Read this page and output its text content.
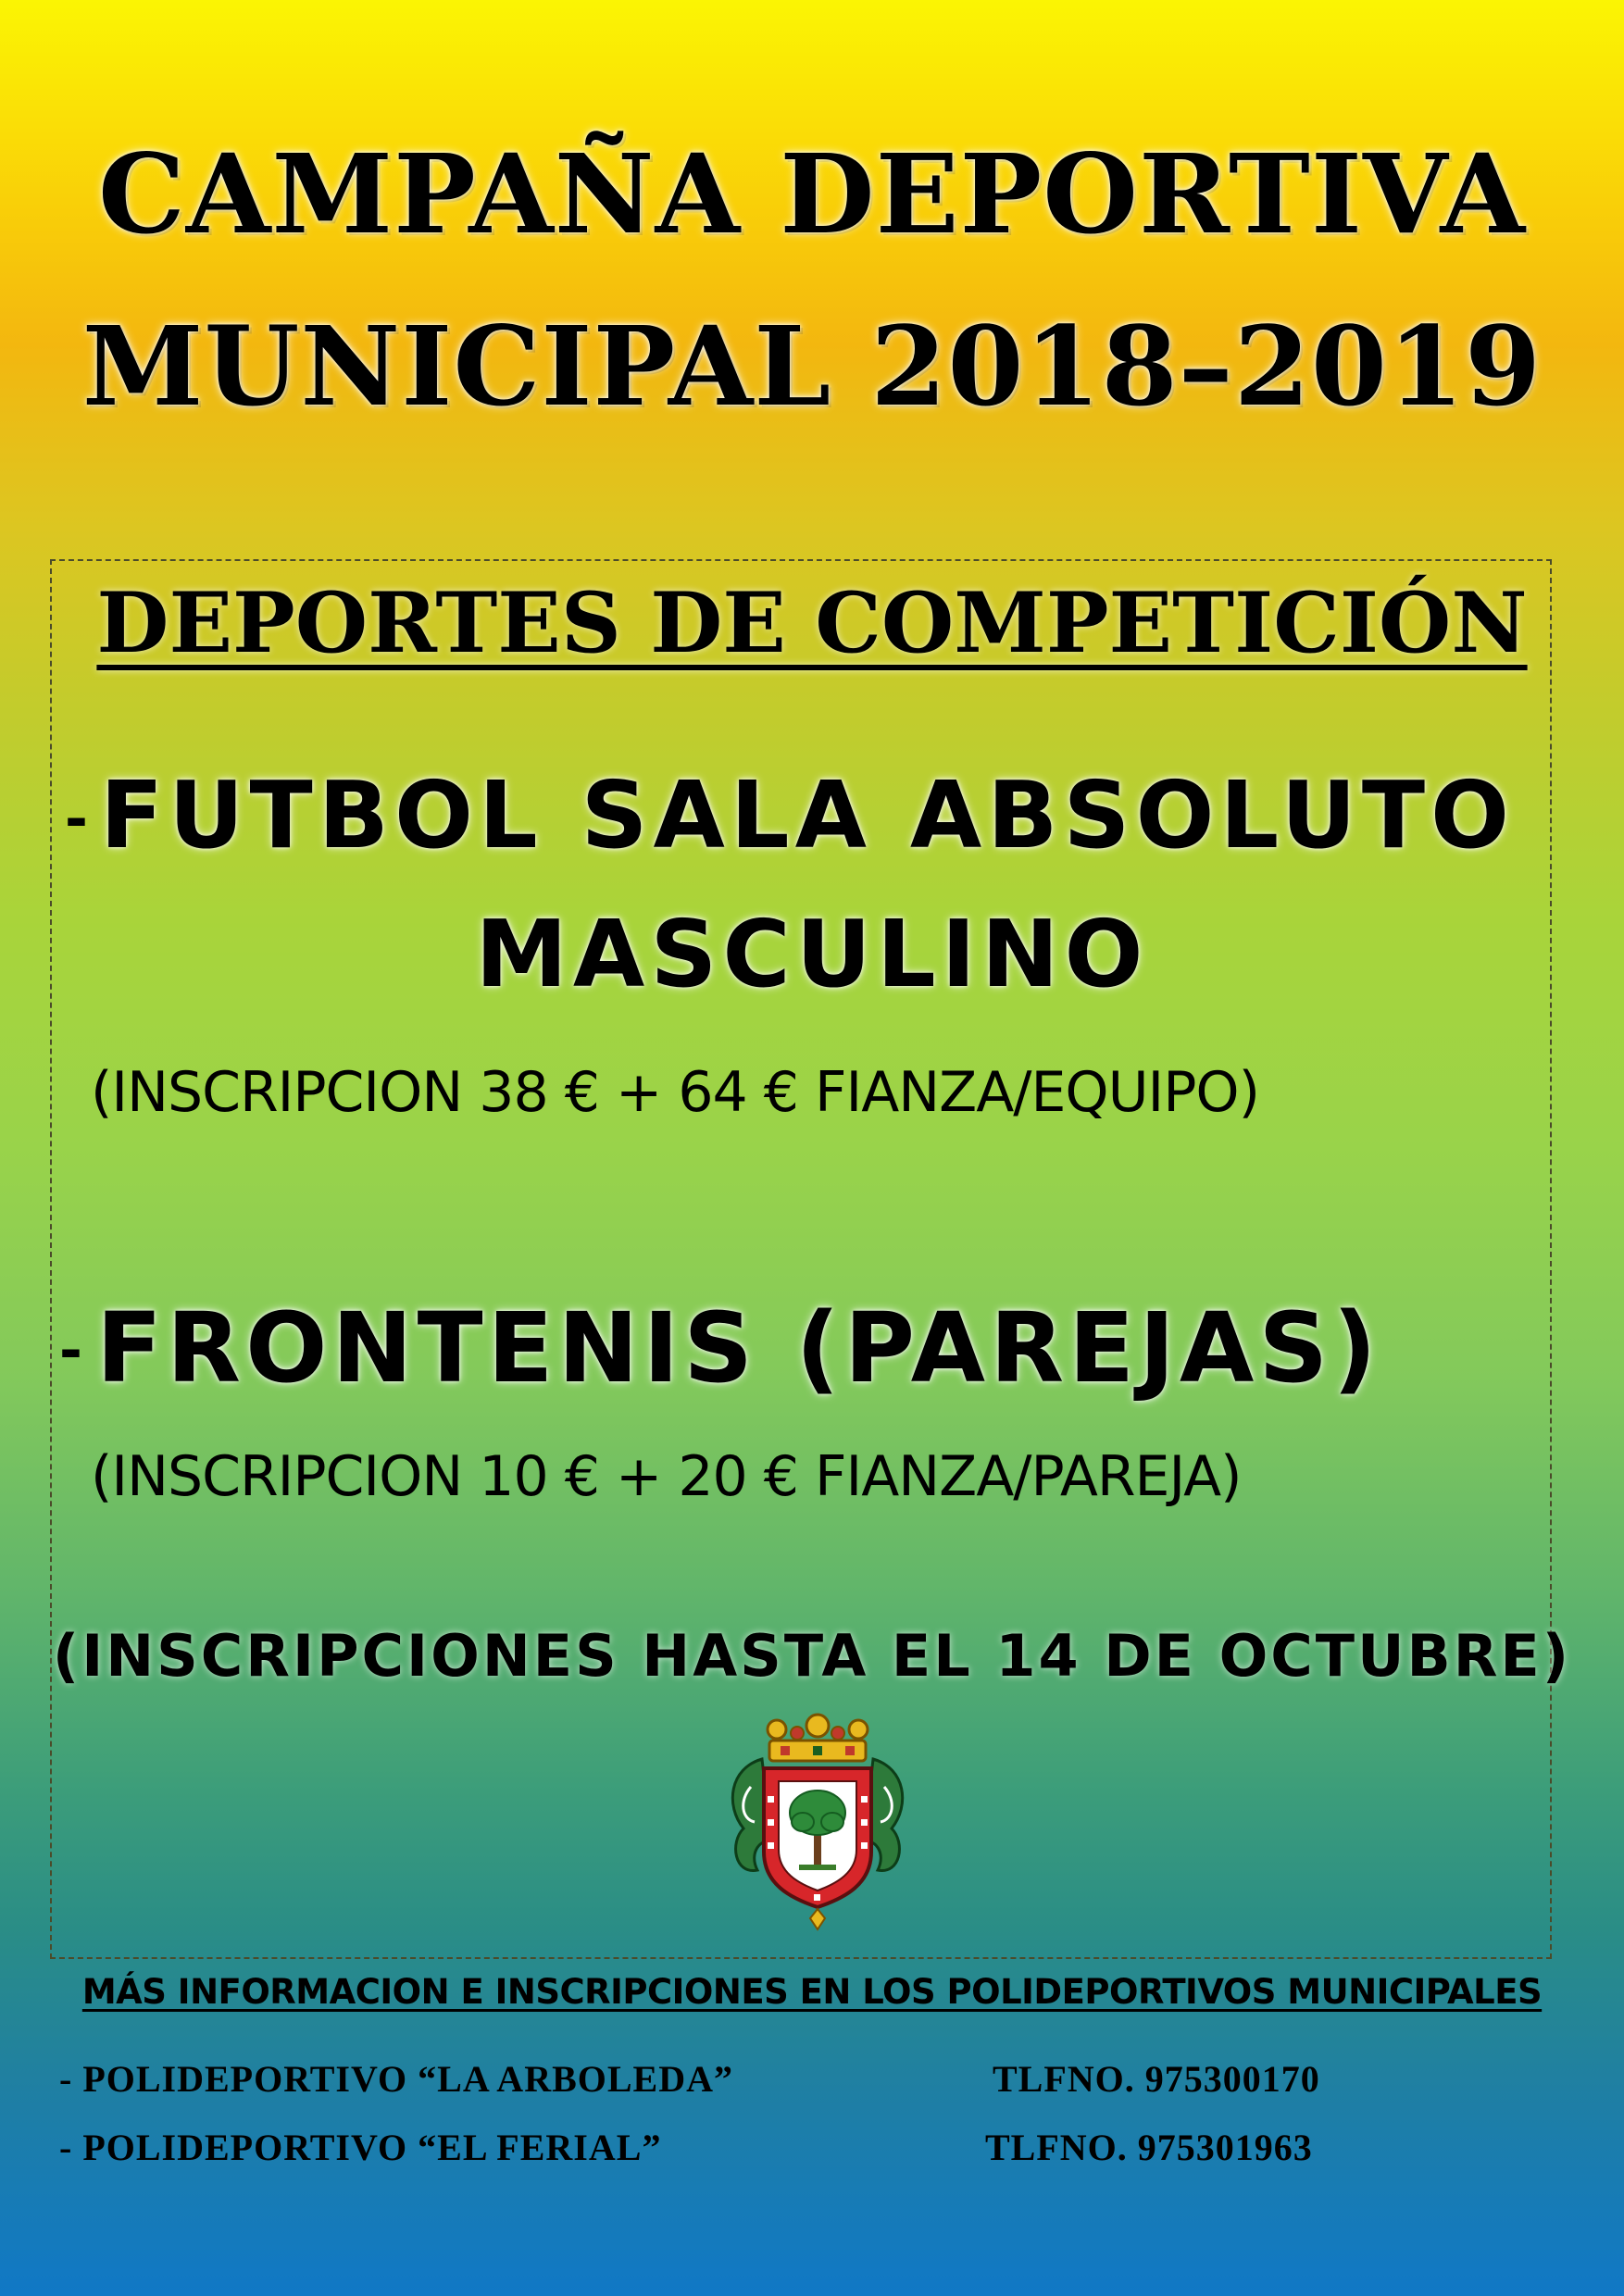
CAMPAÑA DEPORTIVA
MUNICIPAL 2018–2019
DEPORTES DE COMPETICIÓN
- FUTBOL SALA ABSOLUTO
MASCULINO
(INSCRIPCION 38 € + 64 € FIANZA/EQUIPO)
- FRONTENIS (PAREJAS)
(INSCRIPCION 10 € + 20 € FIANZA/PAREJA)
(INSCRIPCIONES HASTA EL 14 DE OCTUBRE)
MÁS INFORMACION E INSCRIPCIONES EN LOS POLIDEPORTIVOS MUNICIPALES
- POLIDEPORTIVO “LA ARBOLEDA”	TLFNO. 975300170
- POLIDEPORTIVO “EL FERIAL”	TLFNO. 975301963
